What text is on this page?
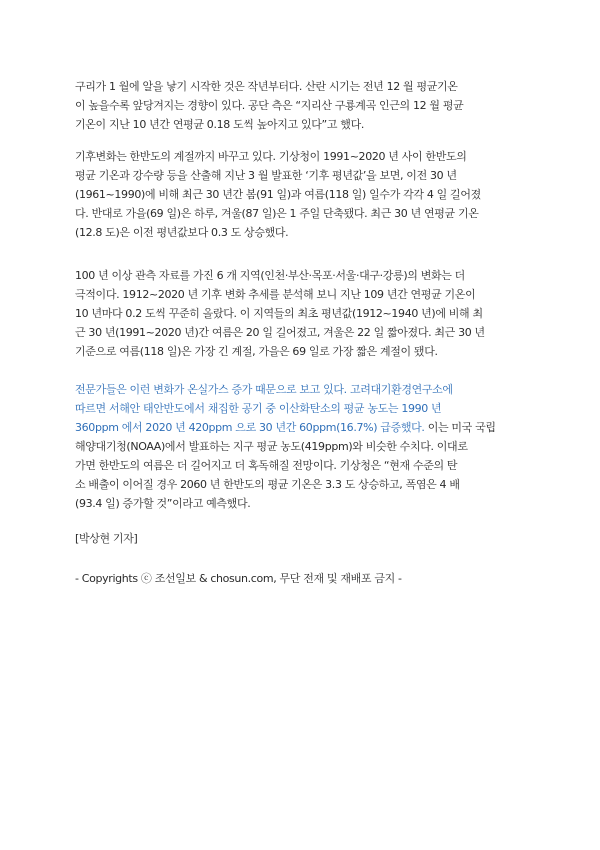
구리가 1 월에 알을 낳기 시작한 것은 작년부터다. 산란 시기는 전년 12 월 평균기온
이 높을수록 앞당겨지는 경향이 있다. 공단 측은 “지리산 구룡계곡 인근의 12 월 평균
기온이 지난 10 년간 연평균 0.18 도씩 높아지고 있다”고 했다.

기후변화는 한반도의 계절까지 바꾸고 있다. 기상청이 1991~2020 년 사이 한반도의
평균 기온과 강수량 등을 산출해 지난 3 월 발표한 ‘기후 평년값’을 보면, 이전 30 년
(1961~1990)에 비해 최근 30 년간 봄(91 일)과 여름(118 일) 일수가 각각 4 일 길어졌
다. 반대로 가을(69 일)은 하루, 겨울(87 일)은 1 주일 단축됐다. 최근 30 년 연평균 기온
(12.8 도)은 이전 평년값보다 0.3 도 상승했다.

100 년 이상 관측 자료를 가진 6 개 지역(인천·부산·목포·서울·대구·강릉)의 변화는 더
극적이다. 1912~2020 년 기후 변화 추세를 분석해 보니 지난 109 년간 연평균 기온이
10 년마다 0.2 도씩 꾸준히 올랐다. 이 지역들의 최초 평년값(1912~1940 년)에 비해 최
근 30 년(1991~2020 년)간 여름은 20 일 길어졌고, 겨울은 22 일 짧아졌다. 최근 30 년
기준으로 여름(118 일)은 가장 긴 계절, 가을은 69 일로 가장 짧은 계절이 됐다.

전문가들은 이런 변화가 온실가스 증가 때문으로 보고 있다. 고려대기환경연구소에
따르면 서해안 태안반도에서 채집한 공기 중 이산화탄소의 평균 농도는 1990 년
360ppm 에서 2020 년 420ppm 으로 30 년간 60ppm(16.7%) 급증했다. 이는 미국 국립
해양대기청(NOAA)에서 발표하는 지구 평균 농도(419ppm)와 비슷한 수치다. 이대로
가면 한반도의 여름은 더 길어지고 더 혹독해질 전망이다. 기상청은 “현재 수준의 탄
소 배출이 이어질 경우 2060 년 한반도의 평균 기온은 3.3 도 상승하고, 폭염은 4 배
(93.4 일) 증가할 것”이라고 예측했다.

[박상현 기자]

- Copyrights ⓒ 조선일보 & chosun.com, 무단 전재 및 재배포 금지 -
